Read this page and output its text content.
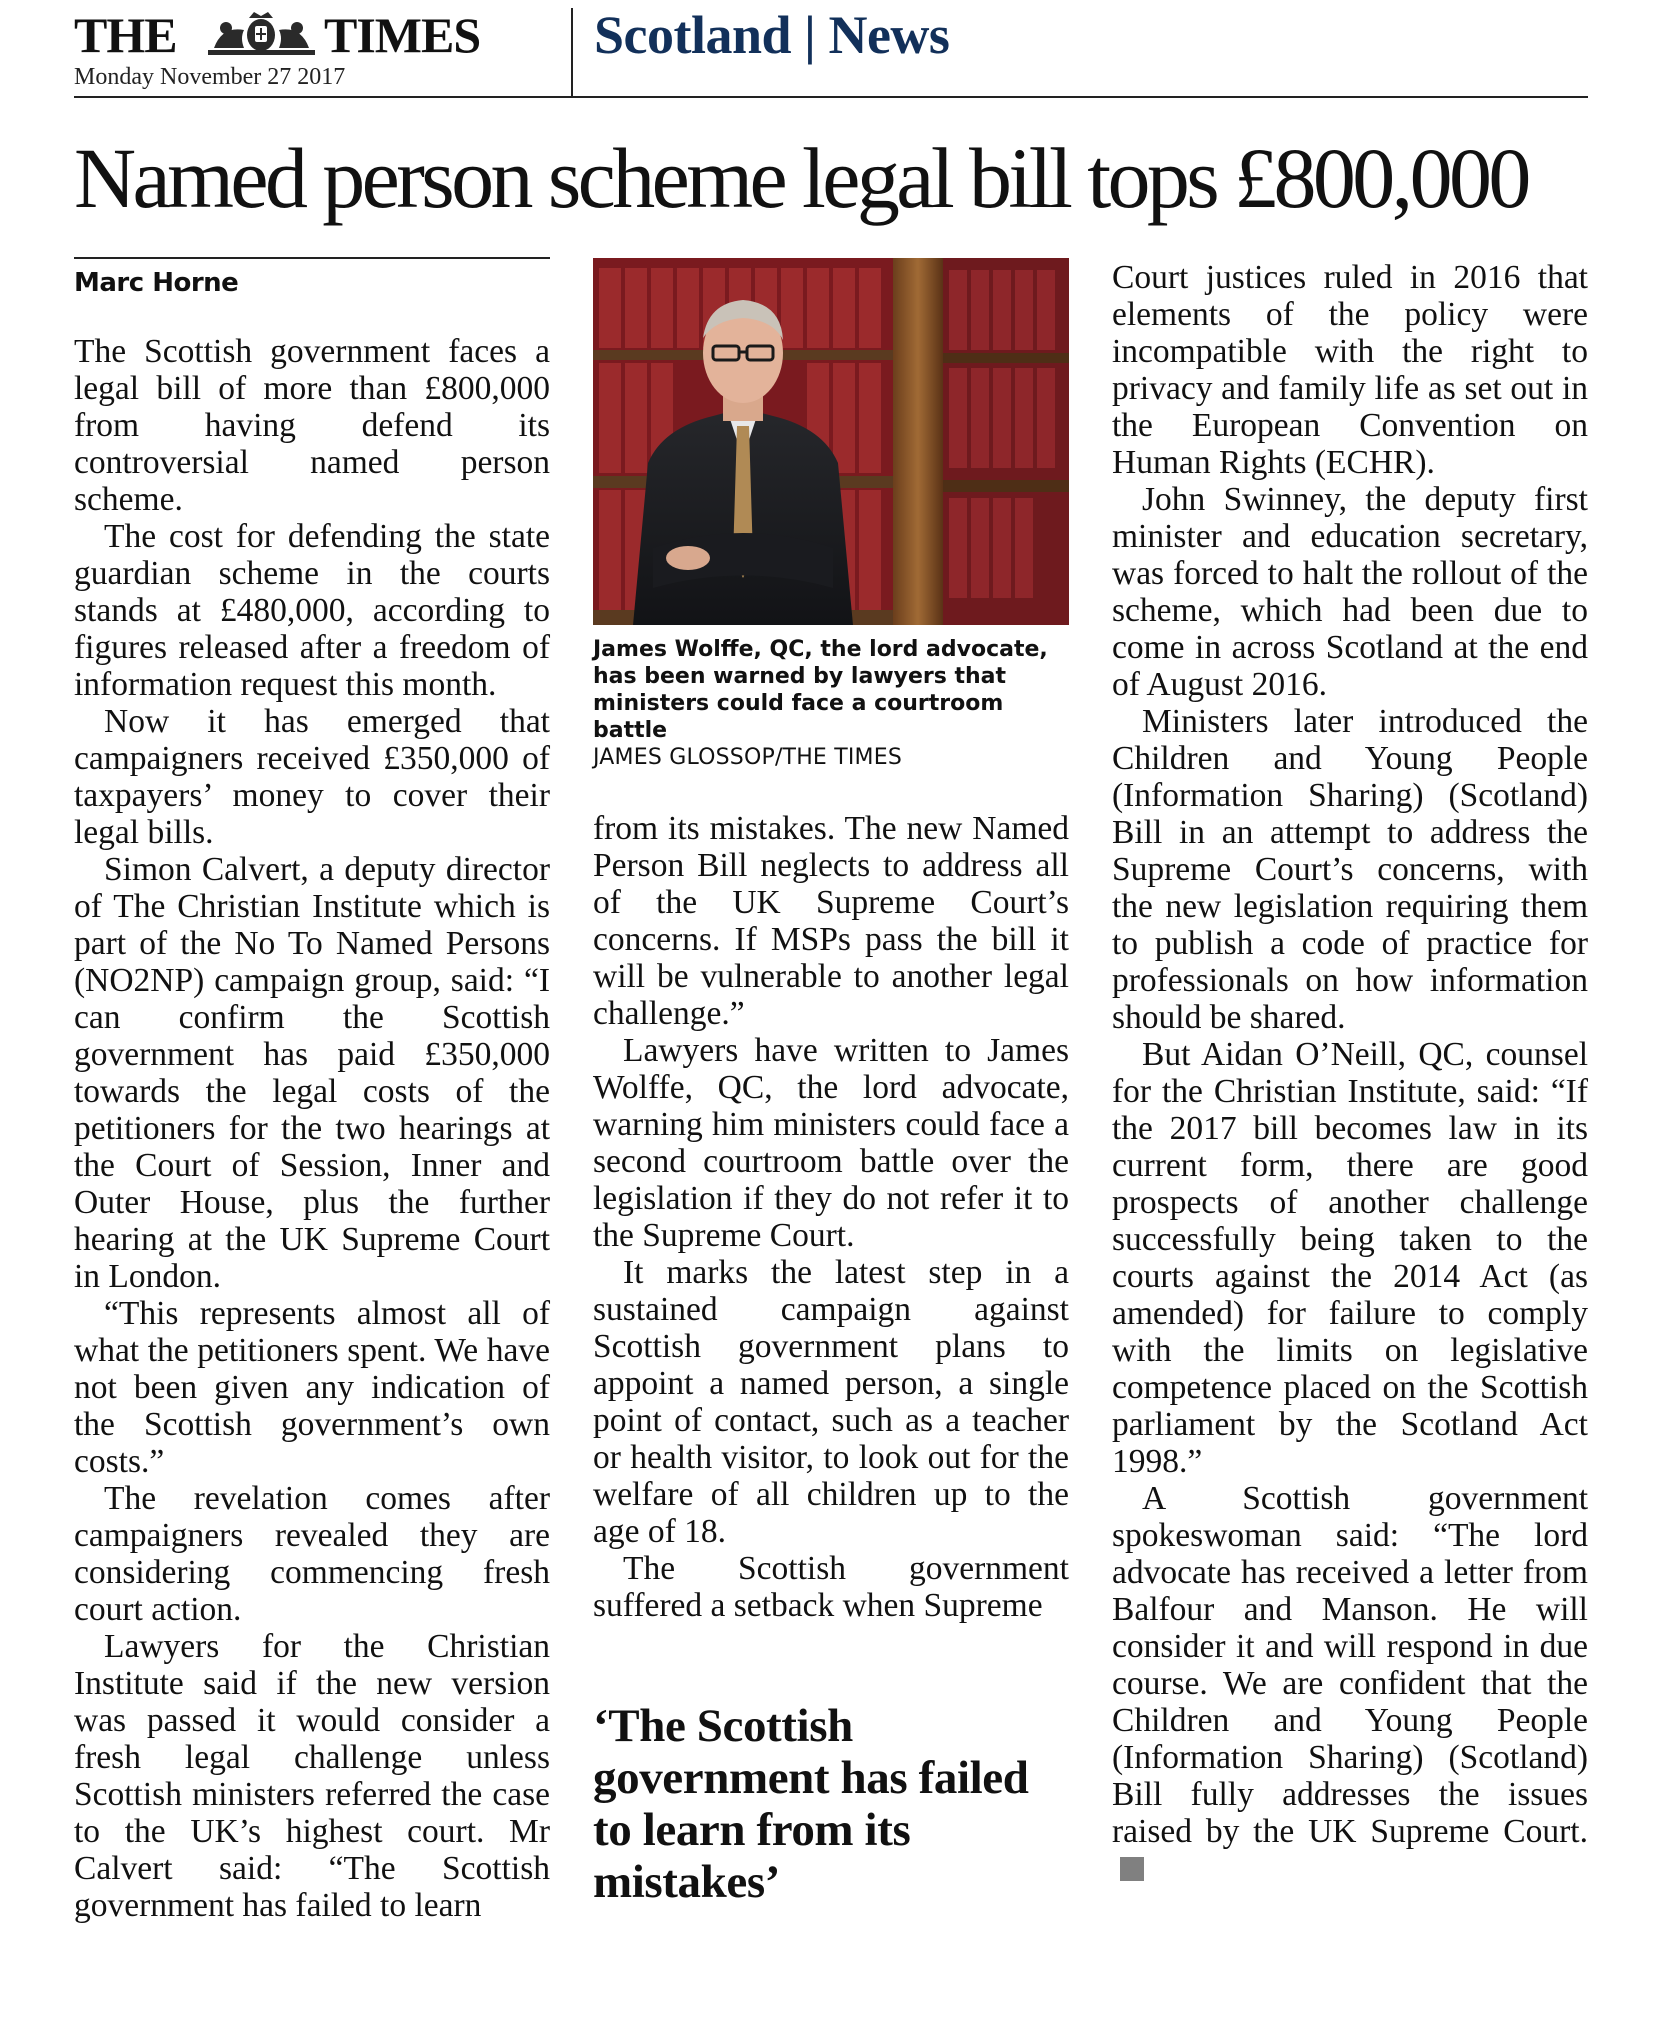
THE	TIMES
Monday November 27 2017
Scotland | News
Named person scheme legal bill tops £800,000
Marc Horne

The Scottish government faces a legal bill of more than £800,000 from having defend its controversial named person scheme.

The cost for defending the state guardian scheme in the courts stands at £480,000, according to figures released after a freedom of information request this month.

Now it has emerged that campaigners received £350,000 of taxpayers’ money to cover their legal bills.

Simon Calvert, a deputy director of The Christian Institute which is part of the No To Named Persons (NO2NP) campaign group, said: “I can confirm the Scottish government has paid £350,000 towards the legal costs of the petitioners for the two hearings at the Court of Session, Inner and Outer House, plus the further hearing at the UK Supreme Court in London.

“This represents almost all of what the petitioners spent. We have not been given any indication of the Scottish government’s own costs.”

The revelation comes after campaigners revealed they are considering commencing fresh court action.

Lawyers for the Christian Institute said if the new version was passed it would consider a fresh legal challenge unless Scottish ministers referred the case to the UK’s highest court. Mr Calvert said: “The Scottish government has failed to learn

James Wolffe, QC, the lord advocate, has been warned by lawyers that ministers could face a courtroom battle
JAMES GLOSSOP/THE TIMES

from its mistakes. The new Named Person Bill neglects to address all of the UK Supreme Court’s concerns. If MSPs pass the bill it will be vulnerable to another legal challenge.”

Lawyers have written to James Wolffe, QC, the lord advocate, warning him ministers could face a second courtroom battle over the legislation if they do not refer it to the Supreme Court.

It marks the latest step in a sustained campaign against Scottish government plans to appoint a named person, a single point of contact, such as a teacher or health visitor, to look out for the welfare of all children up to the age of 18.

The Scottish government suffered a setback when Supreme

‘The Scottish government has failed to learn from its mistakes’

Court justices ruled in 2016 that elements of the policy were incompatible with the right to privacy and family life as set out in the European Convention on Human Rights (ECHR).

John Swinney, the deputy first minister and education secretary, was forced to halt the rollout of the scheme, which had been due to come in across Scotland at the end of August 2016.

Ministers later introduced the Children and Young People (Information Sharing) (Scotland) Bill in an attempt to address the Supreme Court’s concerns, with the new legislation requiring them to publish a code of practice for professionals on how information should be shared.

But Aidan O’Neill, QC, counsel for the Christian Institute, said: “If the 2017 bill becomes law in its current form, there are good prospects of another challenge successfully being taken to the courts against the 2014 Act (as amended) for failure to comply with the limits on legislative competence placed on the Scottish parliament by the Scotland Act 1998.”

A Scottish government spokeswoman said: “The lord advocate has received a letter from Balfour and Manson. He will consider it and will respond in due course. We are confident that the Children and Young People (Information Sharing) (Scotland) Bill fully addresses the issues raised by the UK Supreme Court.
